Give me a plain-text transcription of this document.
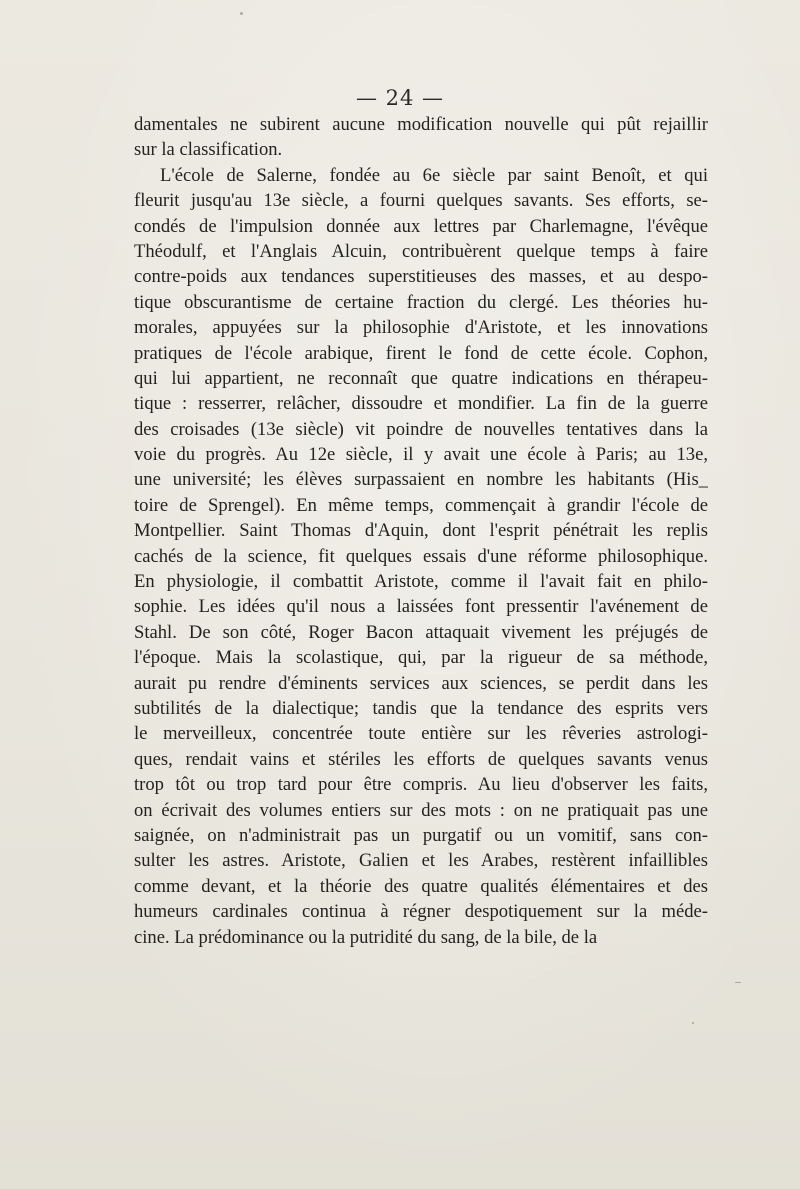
— 24 —
damentales ne subirent aucune modification nouvelle qui pût rejaillir
sur la classification.
L'école de Salerne, fondée au 6e siècle par saint Benoît, et qui
fleurit jusqu'au 13e siècle, a fourni quelques savants. Ses efforts, se-
condés de l'impulsion donnée aux lettres par Charlemagne, l'évêque
Théodulf, et l'Anglais Alcuin, contribuèrent quelque temps à faire
contre-poids aux tendances superstitieuses des masses, et au despo-
tique obscurantisme de certaine fraction du clergé. Les théories hu-
morales, appuyées sur la philosophie d'Aristote, et les innovations
pratiques de l'école arabique, firent le fond de cette école. Cophon,
qui lui appartient, ne reconnaît que quatre indications en thérapeu-
tique : resserrer, relâcher, dissoudre et mondifier. La fin de la guerre
des croisades (13e siècle) vit poindre de nouvelles tentatives dans la
voie du progrès. Au 12e siècle, il y avait une école à Paris; au 13e,
une université; les élèves surpassaient en nombre les habitants (His_
toire de Sprengel). En même temps, commençait à grandir l'école de
Montpellier. Saint Thomas d'Aquin, dont l'esprit pénétrait les replis
cachés de la science, fit quelques essais d'une réforme philosophique.
En physiologie, il combattit Aristote, comme il l'avait fait en philo-
sophie. Les idées qu'il nous a laissées font pressentir l'avénement de
Stahl. De son côté, Roger Bacon attaquait vivement les préjugés de
l'époque. Mais la scolastique, qui, par la rigueur de sa méthode,
aurait pu rendre d'éminents services aux sciences, se perdit dans les
subtilités de la dialectique; tandis que la tendance des esprits vers
le merveilleux, concentrée toute entière sur les rêveries astrologi-
ques, rendait vains et stériles les efforts de quelques savants venus
trop tôt ou trop tard pour être compris. Au lieu d'observer les faits,
on écrivait des volumes entiers sur des mots : on ne pratiquait pas une
saignée, on n'administrait pas un purgatif ou un vomitif, sans con-
sulter les astres. Aristote, Galien et les Arabes, restèrent infaillibles
comme devant, et la théorie des quatre qualités élémentaires et des
humeurs cardinales continua à régner despotiquement sur la méde-
cine. La prédominance ou la putridité du sang, de la bile, de la
